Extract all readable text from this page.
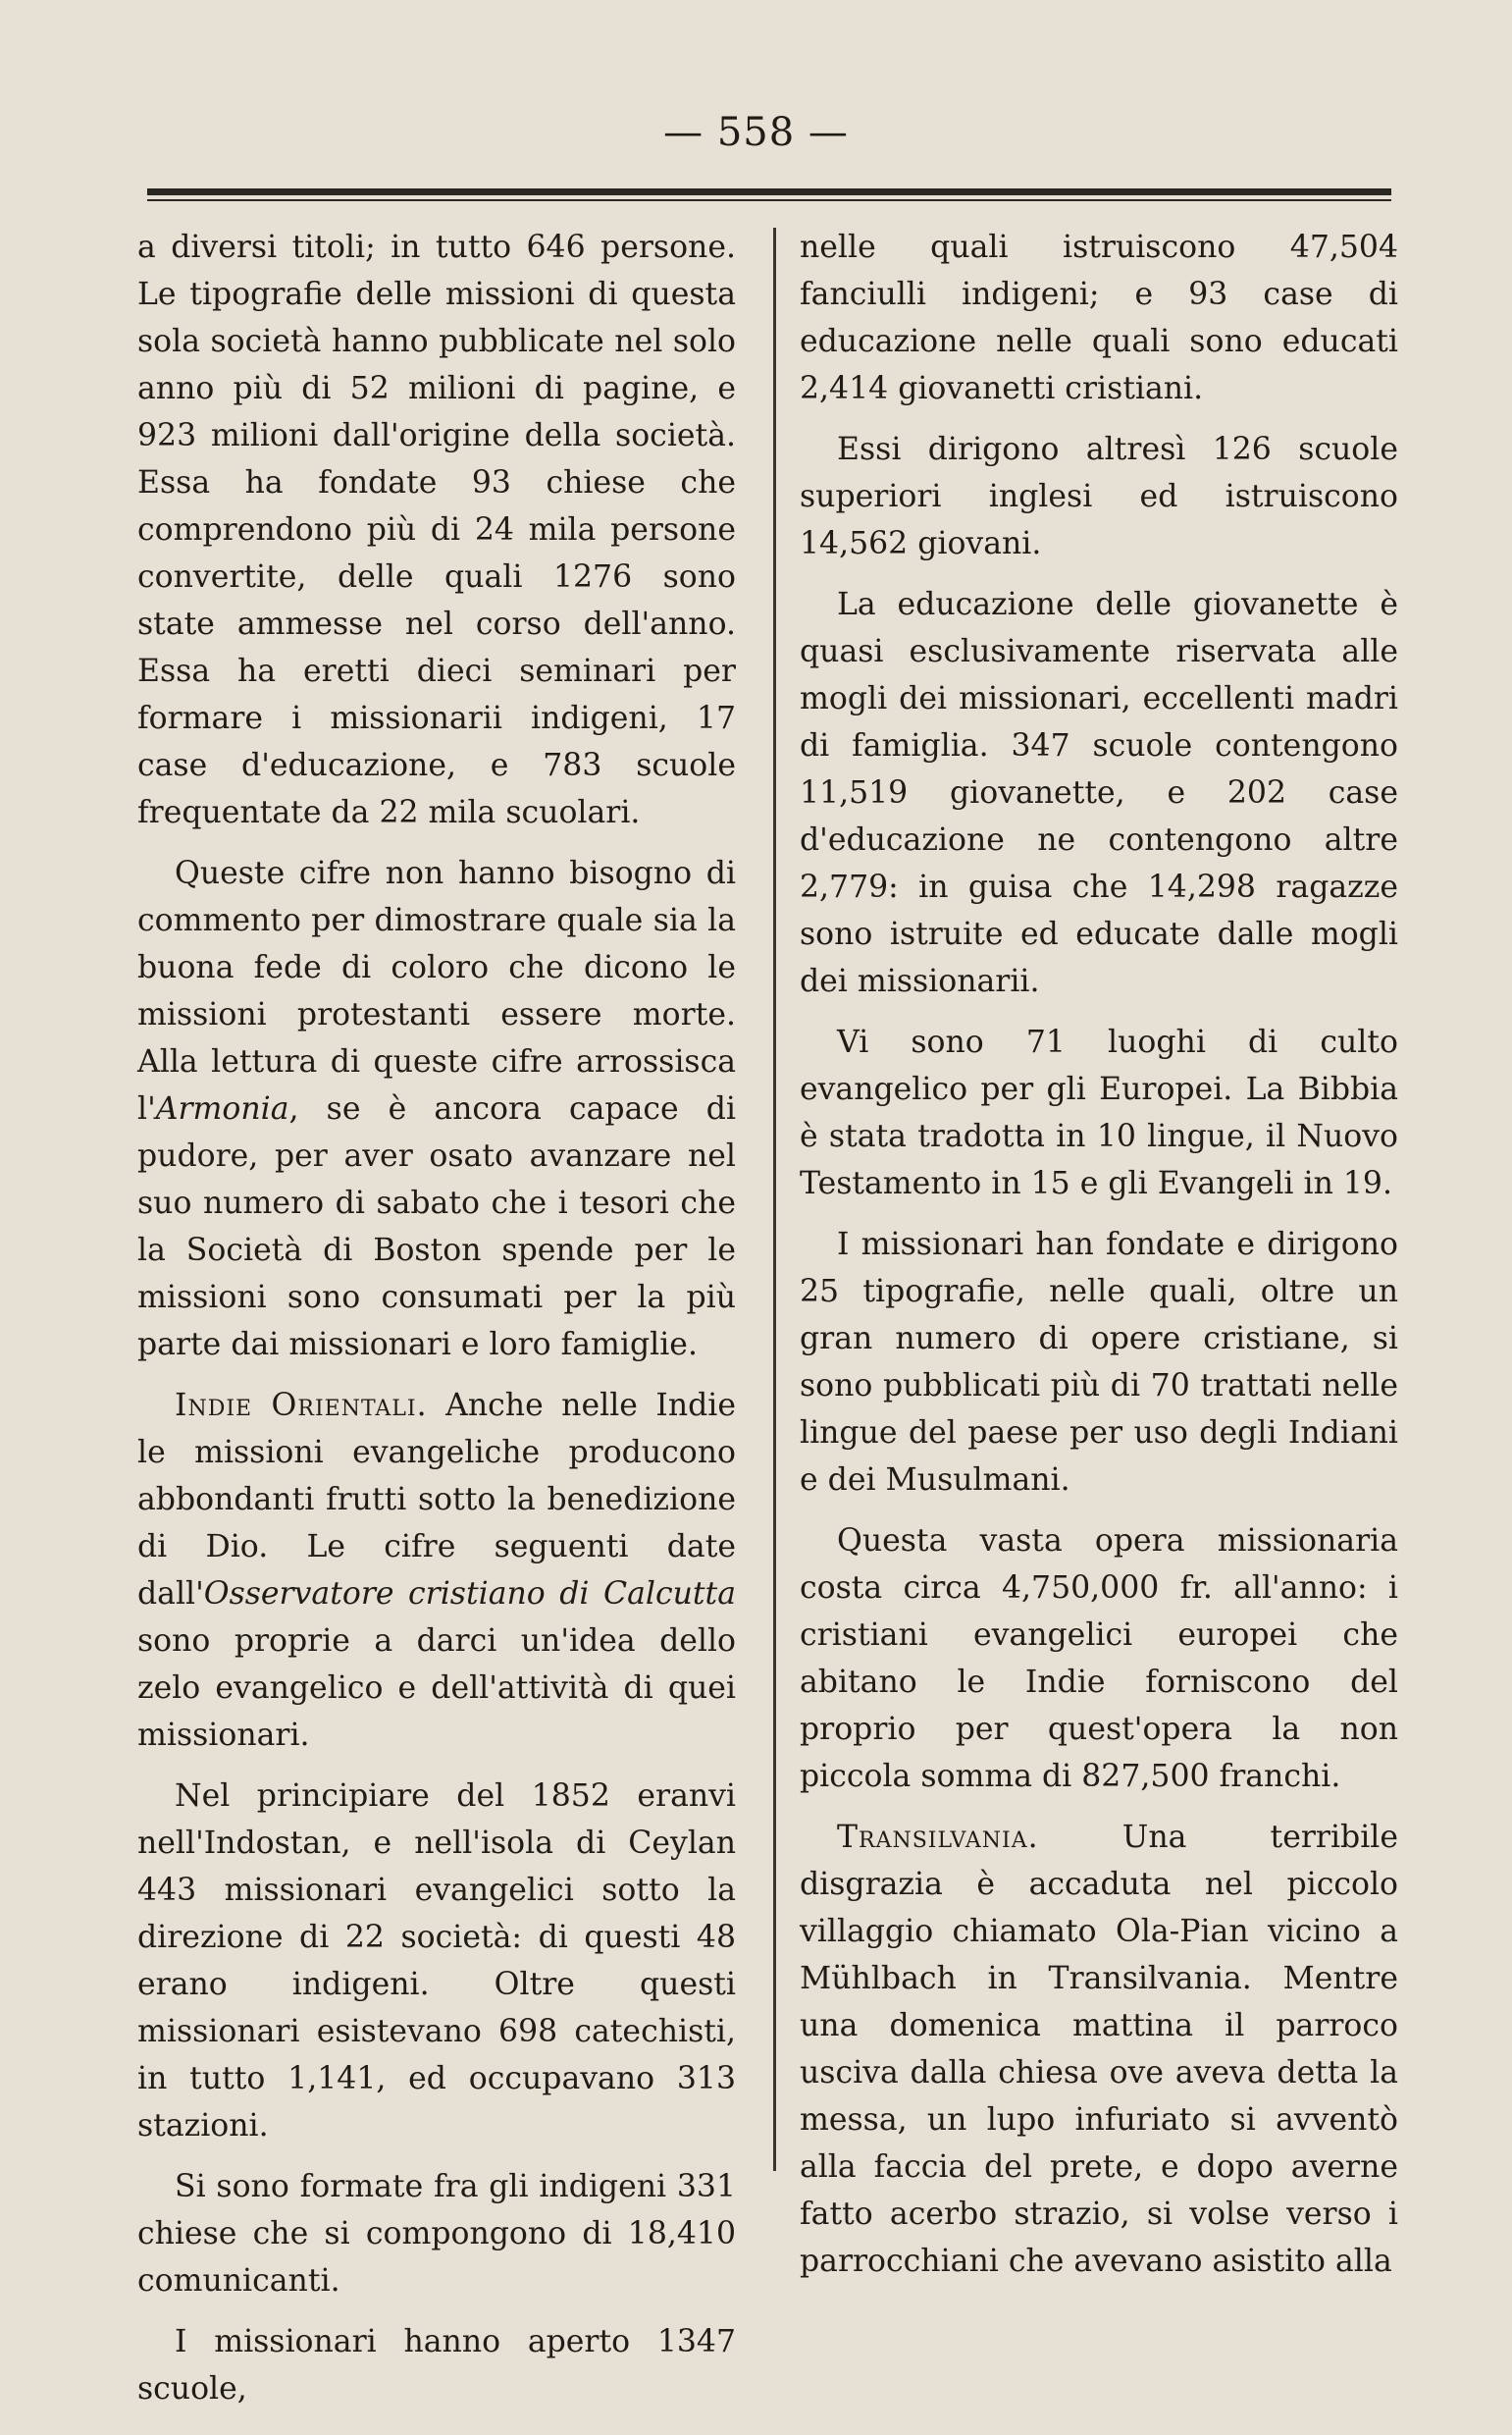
— 558 —

a diversi titoli; in tutto 646 persone. Le tipografie delle missioni di questa sola società hanno pubblicate nel solo anno più di 52 milioni di pagine, e 923 milioni dall'origine della società. Essa ha fondate 93 chiese che comprendono più di 24 mila persone convertite, delle quali 1276 sono state ammesse nel corso dell'anno. Essa ha eretti dieci seminari per formare i missionarii indigeni, 17 case d'educazione, e 783 scuole frequentate da 22 mila scuolari.

Queste cifre non hanno bisogno di commento per dimostrare quale sia la buona fede di coloro che dicono le missioni protestanti essere morte. Alla lettura di queste cifre arrossisca l'Armonia, se è ancora capace di pudore, per aver osato avanzare nel suo numero di sabato che i tesori che la Società di Boston spende per le missioni sono consumati per la più parte dai missionari e loro famiglie.

Indie Orientali. Anche nelle Indie le missioni evangeliche producono abbondanti frutti sotto la benedizione di Dio. Le cifre seguenti date dall'Osservatore cristiano di Calcutta sono proprie a darci un'idea dello zelo evangelico e dell'attività di quei missionari.

Nel principiare del 1852 eranvi nell'Indostan, e nell'isola di Ceylan 443 missionari evangelici sotto la direzione di 22 società: di questi 48 erano indigeni. Oltre questi missionari esistevano 698 catechisti, in tutto 1,141, ed occupavano 313 stazioni.

Si sono formate fra gli indigeni 331 chiese che si compongono di 18,410 comunicanti.

I missionari hanno aperto 1347 scuole,

nelle quali istruiscono 47,504 fanciulli indigeni; e 93 case di educazione nelle quali sono educati 2,414 giovanetti cristiani.

Essi dirigono altresì 126 scuole superiori inglesi ed istruiscono 14,562 giovani.

La educazione delle giovanette è quasi esclusivamente riservata alle mogli dei missionari, eccellenti madri di famiglia. 347 scuole contengono 11,519 giovanette, e 202 case d'educazione ne contengono altre 2,779: in guisa che 14,298 ragazze sono istruite ed educate dalle mogli dei missionarii.

Vi sono 71 luoghi di culto evangelico per gli Europei. La Bibbia è stata tradotta in 10 lingue, il Nuovo Testamento in 15 e gli Evangeli in 19.

I missionari han fondate e dirigono 25 tipografie, nelle quali, oltre un gran numero di opere cristiane, si sono pubblicati più di 70 trattati nelle lingue del paese per uso degli Indiani e dei Musulmani.

Questa vasta opera missionaria costa circa 4,750,000 fr. all'anno: i cristiani evangelici europei che abitano le Indie forniscono del proprio per quest'opera la non piccola somma di 827,500 franchi.

Transilvania. Una terribile disgrazia è accaduta nel piccolo villaggio chiamato Ola-Pian vicino a Mühlbach in Transilvania. Mentre una domenica mattina il parroco usciva dalla chiesa ove aveva detta la messa, un lupo infuriato si avventò alla faccia del prete, e dopo averne fatto acerbo strazio, si volse verso i parrocchiani che avevano asistito alla
